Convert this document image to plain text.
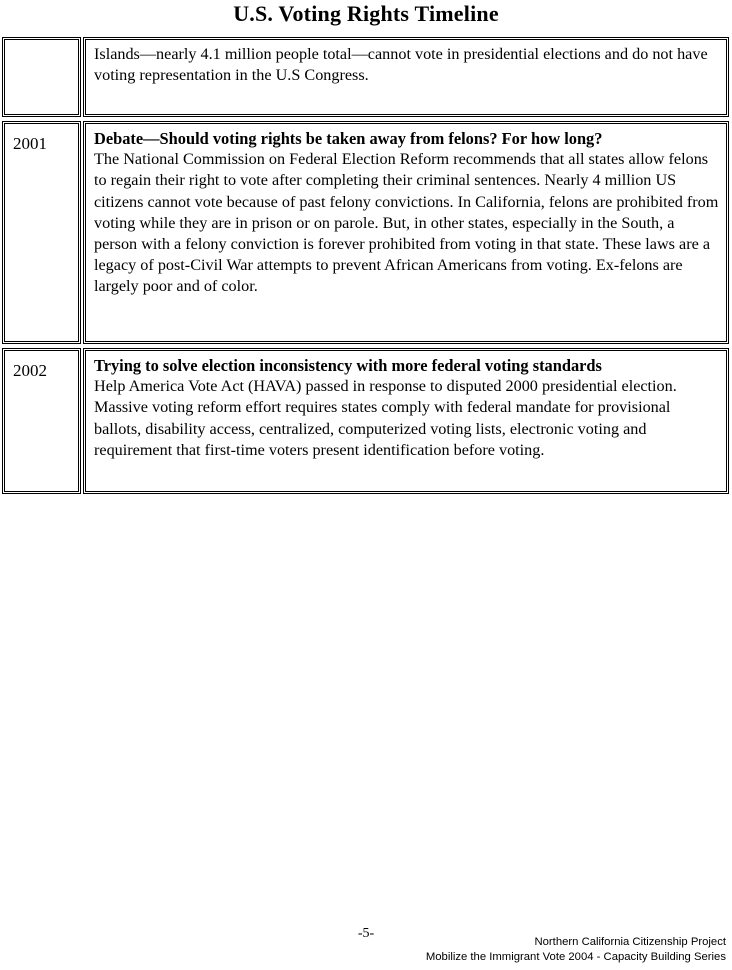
U.S. Voting Rights Timeline
Islands—nearly 4.1 million people total—cannot vote in presidential elections and do not have voting representation in the U.S Congress.
2001	Debate—Should voting rights be taken away from felons? For how long?
The National Commission on Federal Election Reform recommends that all states allow felons to regain their right to vote after completing their criminal sentences. Nearly 4 million US citizens cannot vote because of past felony convictions. In California, felons are prohibited from voting while they are in prison or on parole. But, in other states, especially in the South, a person with a felony conviction is forever prohibited from voting in that state. These laws are a legacy of post-Civil War attempts to prevent African Americans from voting. Ex-felons are largely poor and of color.
2002	Trying to solve election inconsistency with more federal voting standards
Help America Vote Act (HAVA) passed in response to disputed 2000 presidential election. Massive voting reform effort requires states comply with federal mandate for provisional ballots, disability access, centralized, computerized voting lists, electronic voting and requirement that first-time voters present identification before voting.
-5-
Northern California Citizenship Project
Mobilize the Immigrant Vote 2004 - Capacity Building Series
